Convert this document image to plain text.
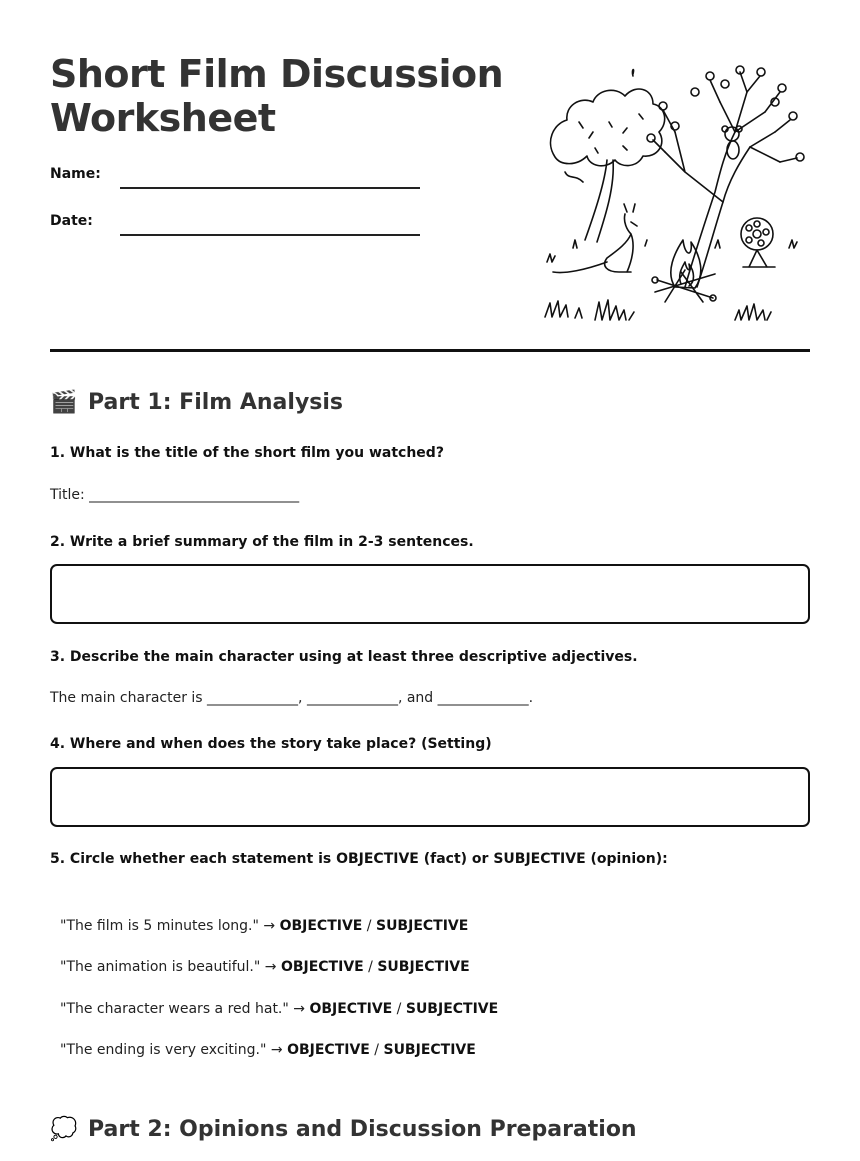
Short Film Discussion
Worksheet
Name:
Date:
🎬 Part 1: Film Analysis
1. What is the title of the short film you watched?
Title: ______________________________
2. Write a brief summary of the film in 2-3 sentences.
3. Describe the main character using at least three descriptive adjectives.
The main character is _____________, _____________, and _____________.
4. Where and when does the story take place? (Setting)
5. Circle whether each statement is OBJECTIVE (fact) or SUBJECTIVE (opinion):
"The film is 5 minutes long." → OBJECTIVE / SUBJECTIVE
"The animation is beautiful." → OBJECTIVE / SUBJECTIVE
"The character wears a red hat." → OBJECTIVE / SUBJECTIVE
"The ending is very exciting." → OBJECTIVE / SUBJECTIVE
💭 Part 2: Opinions and Discussion Preparation
